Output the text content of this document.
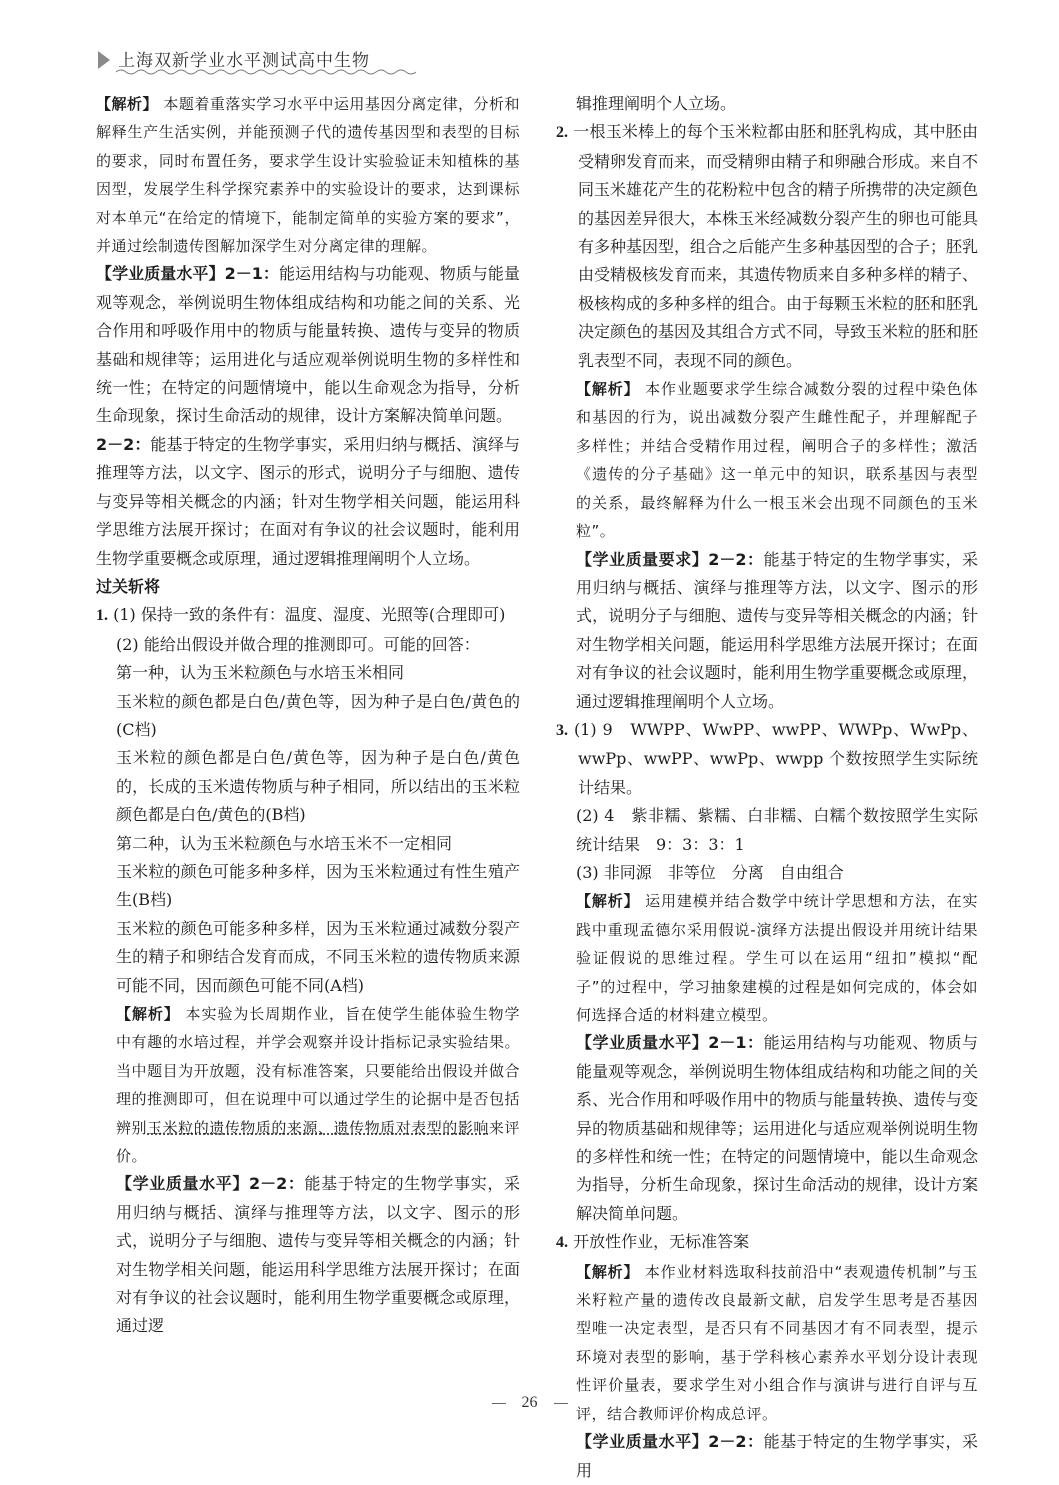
上海双新学业水平测试高中生物

【解析】 本题着重落实学习水平中运用基因分离定律，分析和解释生产生活实例，并能预测子代的遗传基因型和表型的目标的要求，同时布置任务，要求学生设计实验验证未知植株的基因型，发展学生科学探究素养中的实验设计的要求，达到课标对本单元“在给定的情境下，能制定简单的实验方案的要求”，并通过绘制遗传图解加深学生对分离定律的理解。

【学业质量水平】2－1：能运用结构与功能观、物质与能量观等观念，举例说明生物体组成结构和功能之间的关系、光合作用和呼吸作用中的物质与能量转换、遗传与变异的物质基础和规律等；运用进化与适应观举例说明生物的多样性和统一性；在特定的问题情境中，能以生命观念为指导，分析生命现象，探讨生命活动的规律，设计方案解决简单问题。

2－2：能基于特定的生物学事实，采用归纳与概括、演绎与推理等方法，以文字、图示的形式，说明分子与细胞、遗传与变异等相关概念的内涵；针对生物学相关问题，能运用科学思维方法展开探讨；在面对有争议的社会议题时，能利用生物学重要概念或原理，通过逻辑推理阐明个人立场。

过关斩将

1. (1) 保持一致的条件有：温度、湿度、光照等(合理即可)

(2) 能给出假设并做合理的推测即可。可能的回答：

第一种，认为玉米粒颜色与水培玉米相同

玉米粒的颜色都是白色/黄色等，因为种子是白色/黄色的(C档)

玉米粒的颜色都是白色/黄色等，因为种子是白色/黄色的，长成的玉米遗传物质与种子相同，所以结出的玉米粒颜色都是白色/黄色的(B档)

第二种，认为玉米粒颜色与水培玉米不一定相同

玉米粒的颜色可能多种多样，因为玉米粒通过有性生殖产生(B档)

玉米粒的颜色可能多种多样，因为玉米粒通过减数分裂产生的精子和卵结合发育而成，不同玉米粒的遗传物质来源可能不同，因而颜色可能不同(A档)

【解析】 本实验为长周期作业，旨在使学生能体验生物学中有趣的水培过程，并学会观察并设计指标记录实验结果。当中题目为开放题，没有标准答案，只要能给出假设并做合理的推测即可，但在说理中可以通过学生的论据中是否包括辨别玉米粒的遗传物质的来源、遗传物质对表型的影响来评价。

【学业质量水平】2－2：能基于特定的生物学事实，采用归纳与概括、演绎与推理等方法，以文字、图示的形式，说明分子与细胞、遗传与变异等相关概念的内涵；针对生物学相关问题，能运用科学思维方法展开探讨；在面对有争议的社会议题时，能利用生物学重要概念或原理，通过逻

辑推理阐明个人立场。

2. 一根玉米棒上的每个玉米粒都由胚和胚乳构成，其中胚由受精卵发育而来，而受精卵由精子和卵融合形成。来自不同玉米雄花产生的花粉粒中包含的精子所携带的决定颜色的基因差异很大，本株玉米经减数分裂产生的卵也可能具有多种基因型，组合之后能产生多种基因型的合子；胚乳由受精极核发育而来，其遗传物质来自多种多样的精子、极核构成的多种多样的组合。由于每颗玉米粒的胚和胚乳决定颜色的基因及其组合方式不同，导致玉米粒的胚和胚乳表型不同，表现不同的颜色。

【解析】 本作业题要求学生综合减数分裂的过程中染色体和基因的行为，说出减数分裂产生雌性配子，并理解配子多样性；并结合受精作用过程，阐明合子的多样性；激活《遗传的分子基础》这一单元中的知识，联系基因与表型的关系，最终解释为什么一根玉米会出现不同颜色的玉米粒”。

【学业质量要求】2－2：能基于特定的生物学事实，采用归纳与概括、演绎与推理等方法，以文字、图示的形式，说明分子与细胞、遗传与变异等相关概念的内涵；针对生物学相关问题，能运用科学思维方法展开探讨；在面对有争议的社会议题时，能利用生物学重要概念或原理，通过逻辑推理阐明个人立场。

3. (1) 9　WWPP、WwPP、wwPP、WWPp、WwPp、wwPp、wwPP、wwPp、wwpp 个数按照学生实际统计结果。

(2) 4　紫非糯、紫糯、白非糯、白糯个数按照学生实际统计结果　9：3：3：1

(3) 非同源　非等位　分离　自由组合

【解析】 运用建模并结合数学中统计学思想和方法，在实践中重现孟德尔采用假说-演绎方法提出假设并用统计结果验证假说的思维过程。学生可以在运用“纽扣”模拟“配子”的过程中，学习抽象建模的过程是如何完成的，体会如何选择合适的材料建立模型。

【学业质量水平】2－1：能运用结构与功能观、物质与能量观等观念，举例说明生物体组成结构和功能之间的关系、光合作用和呼吸作用中的物质与能量转换、遗传与变异的物质基础和规律等；运用进化与适应观举例说明生物的多样性和统一性；在特定的问题情境中，能以生命观念为指导，分析生命现象，探讨生命活动的规律，设计方案解决简单问题。

4. 开放性作业，无标准答案

【解析】 本作业材料选取科技前沿中“表观遗传机制”与玉米籽粒产量的遗传改良最新文献，启发学生思考是否基因型唯一决定表型，是否只有不同基因才有不同表型，提示环境对表型的影响，基于学科核心素养水平划分设计表现性评价量表，要求学生对小组合作与演讲与进行自评与互评，结合教师评价构成总评。

【学业质量水平】2－2：能基于特定的生物学事实，采用

26
